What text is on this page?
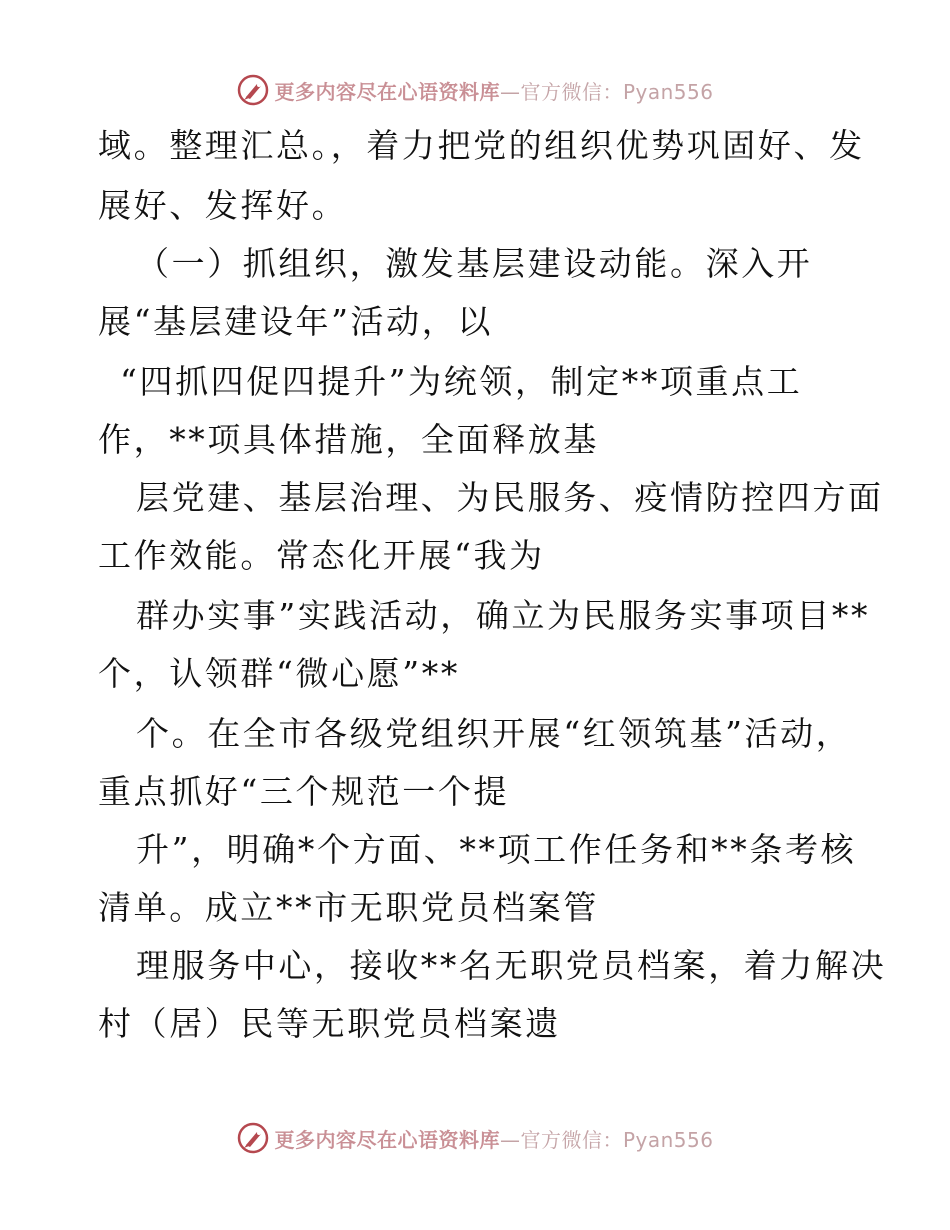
更多内容尽在心语资料库—官方微信：Pyan556
域。整理汇总。，着力把党的组织优势巩固好、发
展好、发挥好。
（一）抓组织，激发基层建设动能。深入开
展“基层建设年”活动，以
“四抓四促四提升”为统领，制定**项重点工
作，**项具体措施，全面释放基
层党建、基层治理、为民服务、疫情防控四方面
工作效能。常态化开展“我为
群办实事”实践活动，确立为民服务实事项目**
个，认领群“微心愿”**
个。在全市各级党组织开展“红领筑基”活动，
重点抓好“三个规范一个提
升”，明确*个方面、**项工作任务和**条考核
清单。成立**市无职党员档案管
理服务中心，接收**名无职党员档案，着力解决
村（居）民等无职党员档案遗
更多内容尽在心语资料库—官方微信：Pyan556
